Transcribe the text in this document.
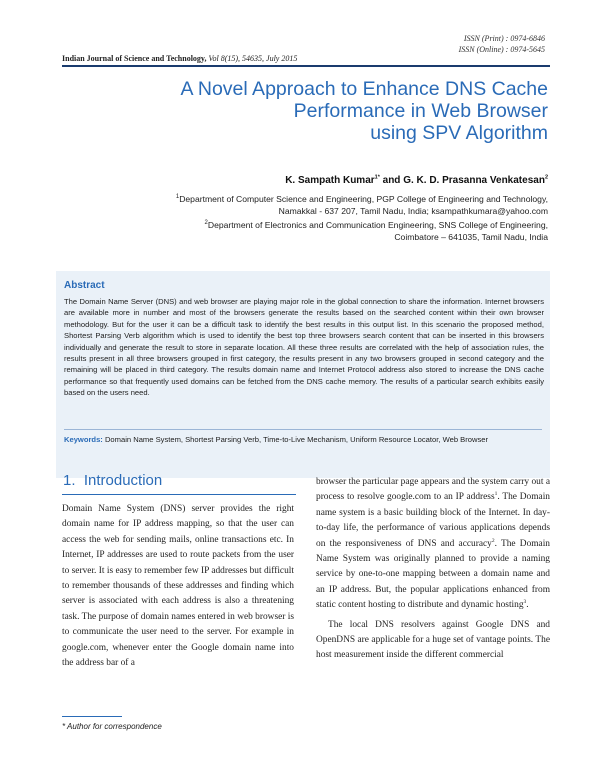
ISSN (Print) : 0974-6846
ISSN (Online) : 0974-5645
Indian Journal of Science and Technology, Vol 8(15), 54635, July 2015
A Novel Approach to Enhance DNS Cache
Performance in Web Browser
using SPV Algorithm
K. Sampath Kumar$^{1*}$ and G. K. D. Prasanna Venkatesan$^2$
$^1$Department of Computer Science and Engineering, PGP College of Engineering and Technology,
Namakkal - 637 207, Tamil Nadu, India; ksampathkumara@yahoo.com
$^2$Department of Electronics and Communication Engineering, SNS College of Engineering,
Coimbatore – 641035, Tamil Nadu, India
Abstract
The Domain Name Server (DNS) and web browser are playing major role in the global connection to share the information. Internet browsers are available more in number and most of the browsers generate the results based on the searched content within their own browser methodology. But for the user it can be a difficult task to identify the best results in this output list. In this scenario the proposed method, Shortest Parsing Verb algorithm which is used to identify the best top three browsers search content that can be inserted in this browsers individually and generate the result to store in separate location. All these three results are correlated with the help of association rules, the results present in all three browsers grouped in first category, the results present in any two browsers grouped in second category and the remaining will be placed in third category. The results domain name and Internet Protocol address also stored to increase the DNS cache performance so that frequently used domains can be fetched from the DNS cache memory. The results of a particular search exhibits easily based on the users need.
Keywords: Domain Name System, Shortest Parsing Verb, Time-to-Live Mechanism, Uniform Resource Locator, Web Browser
1.  Introduction

Domain Name System (DNS) server provides the right domain name for IP address mapping, so that the user can access the web for sending mails, online transactions etc. In Internet, IP addresses are used to route packets from the user to server. It is easy to remember few IP addresses but difficult to remember thousands of these addresses and finding which server is associated with each address is also a threatening task. The purpose of domain names entered in web browser is to communicate the user need to the server. For example in google.com, whenever enter the Google domain name into the address bar of a

browser the particular page appears and the system carry out a process to resolve google.com to an IP address$^1$. The Domain name system is a basic building block of the Internet. In day-to-day life, the performance of various applications depends on the responsiveness of DNS and accuracy$^2$. The Domain Name System was originally planned to provide a naming service by one-to-one mapping between a domain name and an IP address. But, the popular applications enhanced from static content hosting to distribute and dynamic hosting$^3$.

The local DNS resolvers against Google DNS and OpenDNS are applicable for a huge set of vantage points. The host measurement inside the different commercial

* Author for correspondence
